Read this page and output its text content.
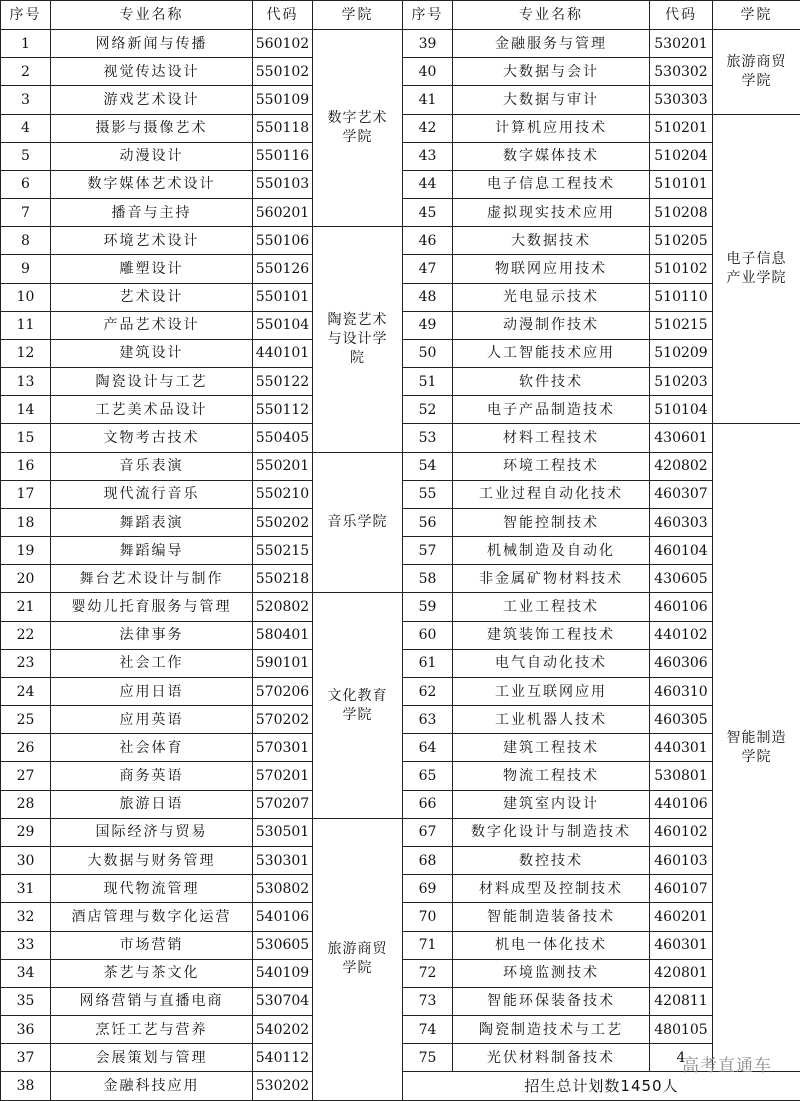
序号	专业名称	代码	学院	序号	专业名称	代码	学院
1	网络新闻与传播	560102	数字艺术学院	39	金融服务与管理	530201	旅游商贸学院
2	视觉传达设计	550102		40	大数据与会计	530302	
3	游戏艺术设计	550109		41	大数据与审计	530303	
4	摄影与摄像艺术	550118		42	计算机应用技术	510201	电子信息产业学院
5	动漫设计	550116		43	数字媒体技术	510204	
6	数字媒体艺术设计	550103		44	电子信息工程技术	510101	
7	播音与主持	560201		45	虚拟现实技术应用	510208	
8	环境艺术设计	550106	陶瓷艺术与设计学院	46	大数据技术	510205	
9	雕塑设计	550126		47	物联网应用技术	510102	
10	艺术设计	550101		48	光电显示技术	510110	
11	产品艺术设计	550104		49	动漫制作技术	510215	
12	建筑设计	440101		50	人工智能技术应用	510209	
13	陶瓷设计与工艺	550122		51	软件技术	510203	
14	工艺美术品设计	550112		52	电子产品制造技术	510104	
15	文物考古技术	550405		53	材料工程技术	430601	智能制造学院
16	音乐表演	550201	音乐学院	54	环境工程技术	420802	
17	现代流行音乐	550210		55	工业过程自动化技术	460307	
18	舞蹈表演	550202		56	智能控制技术	460303	
19	舞蹈编导	550215		57	机械制造及自动化	460104	
20	舞台艺术设计与制作	550218		58	非金属矿物材料技术	430605	
21	婴幼儿托育服务与管理	520802	文化教育学院	59	工业工程技术	460106	
22	法律事务	580401		60	建筑装饰工程技术	440102	
23	社会工作	590101		61	电气自动化技术	460306	
24	应用日语	570206		62	工业互联网应用	460310	
25	应用英语	570202		63	工业机器人技术	460305	
26	社会体育	570301		64	建筑工程技术	440301	
27	商务英语	570201		65	物流工程技术	530801	
28	旅游日语	570207		66	建筑室内设计	440106	
29	国际经济与贸易	530501	旅游商贸学院	67	数字化设计与制造技术	460102	
30	大数据与财务管理	530301		68	数控技术	460103	
31	现代物流管理	530802		69	材料成型及控制技术	460107	
32	酒店管理与数字化运营	540106		70	智能制造装备技术	460201	
33	市场营销	530605		71	机电一体化技术	460301	
34	茶艺与茶文化	540109		72	环境监测技术	420801	
35	网络营销与直播电商	530704		73	智能环保装备技术	420811	
36	烹饪工艺与营养	540202		74	陶瓷制造技术与工艺	480105	
37	会展策划与管理	540112		75	光伏材料制备技术	4	
38	金融科技应用	530202		招生总计划数1450人			
高考直通车
